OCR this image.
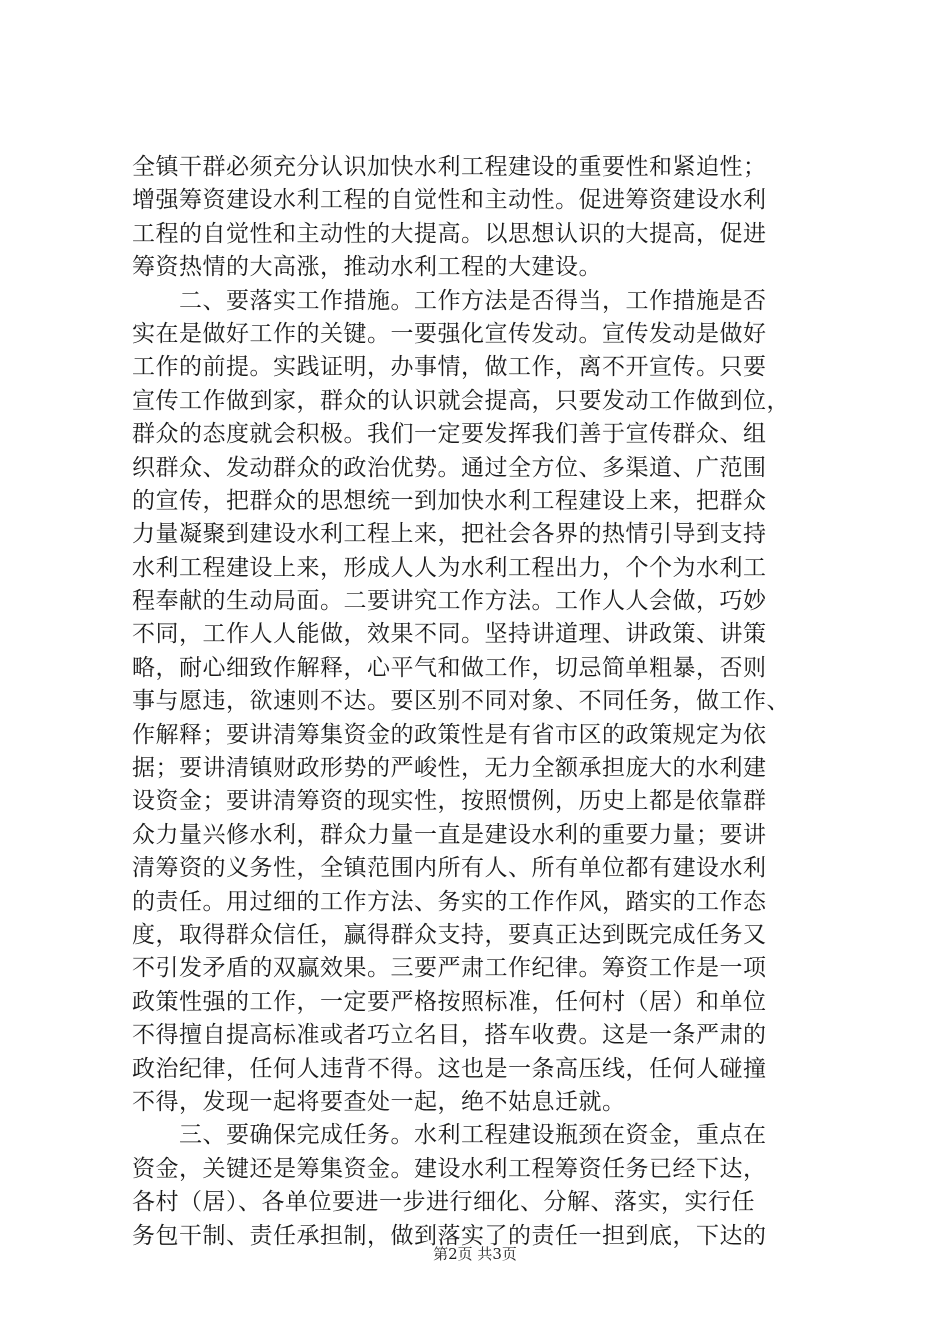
全镇干群必须充分认识加快水利工程建设的重要性和紧迫性；
增强筹资建设水利工程的自觉性和主动性。促进筹资建设水利
工程的自觉性和主动性的大提高。以思想认识的大提高，促进
筹资热情的大高涨，推动水利工程的大建设。
　　二、要落实工作措施。工作方法是否得当，工作措施是否
实在是做好工作的关键。一要强化宣传发动。宣传发动是做好
工作的前提。实践证明，办事情，做工作，离不开宣传。只要
宣传工作做到家，群众的认识就会提高，只要发动工作做到位，
群众的态度就会积极。我们一定要发挥我们善于宣传群众、组
织群众、发动群众的政治优势。通过全方位、多渠道、广范围
的宣传，把群众的思想统一到加快水利工程建设上来，把群众
力量凝聚到建设水利工程上来，把社会各界的热情引导到支持
水利工程建设上来，形成人人为水利工程出力，个个为水利工
程奉献的生动局面。二要讲究工作方法。工作人人会做，巧妙
不同，工作人人能做，效果不同。坚持讲道理、讲政策、讲策
略，耐心细致作解释，心平气和做工作，切忌简单粗暴，否则
事与愿违，欲速则不达。要区别不同对象、不同任务，做工作、
作解释；要讲清筹集资金的政策性是有省市区的政策规定为依
据；要讲清镇财政形势的严峻性，无力全额承担庞大的水利建
设资金；要讲清筹资的现实性，按照惯例，历史上都是依靠群
众力量兴修水利，群众力量一直是建设水利的重要力量；要讲
清筹资的义务性，全镇范围内所有人、所有单位都有建设水利
的责任。用过细的工作方法、务实的工作作风，踏实的工作态
度，取得群众信任，赢得群众支持，要真正达到既完成任务又
不引发矛盾的双赢效果。三要严肃工作纪律。筹资工作是一项
政策性强的工作，一定要严格按照标准，任何村（居）和单位
不得擅自提高标准或者巧立名目，搭车收费。这是一条严肃的
政治纪律，任何人违背不得。这也是一条高压线，任何人碰撞
不得，发现一起将要查处一起，绝不姑息迁就。
　　三、要确保完成任务。水利工程建设瓶颈在资金，重点在
资金，关键还是筹集资金。建设水利工程筹资任务已经下达，
各村（居）、各单位要进一步进行细化、分解、落实，实行任
务包干制、责任承担制，做到落实了的责任一担到底，下达的
第2页 共3页
